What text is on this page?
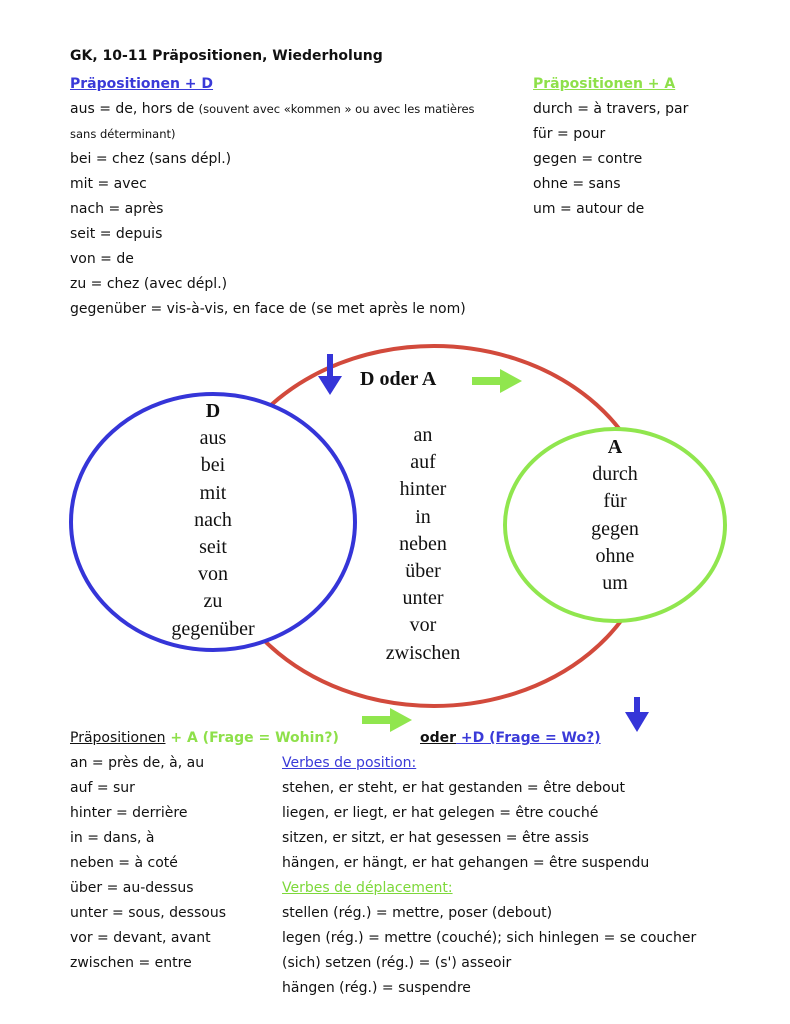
GK, 10-11 Präpositionen, Wiederholung
Präpositionen + D
aus = de, hors de (souvent avec «kommen » ou avec les matières
sans déterminant)
bei = chez (sans dépl.)
mit = avec
nach = après
seit = depuis
von = de
zu = chez (avec dépl.)
gegenüber = vis-à-vis, en face de (se met après le nom)
Präpositionen + A
durch = à travers, par
für = pour
gegen = contre
ohne = sans
um = autour de
D oder A
D
aus
bei
mit
nach
seit
von
zu
gegenüber
an
auf
hinter
in
neben
über
unter
vor
zwischen
A
durch
für
gegen
ohne
um
Präpositionen + A (Frage = Wohin?)	oder +D (Frage = Wo?)
an = près de, à, au
auf = sur
hinter = derrière
in = dans, à
neben = à coté
über = au-dessus
unter = sous, dessous
vor = devant, avant
zwischen = entre
Verbes de position:
stehen, er steht, er hat gestanden = être debout
liegen, er liegt, er hat gelegen = être couché
sitzen, er sitzt, er hat gesessen = être assis
hängen, er hängt, er hat gehangen = être suspendu
Verbes de déplacement:
stellen (rég.) = mettre, poser (debout)
legen (rég.) = mettre (couché); sich hinlegen = se coucher
(sich) setzen (rég.) = (s') asseoir
hängen (rég.) = suspendre
